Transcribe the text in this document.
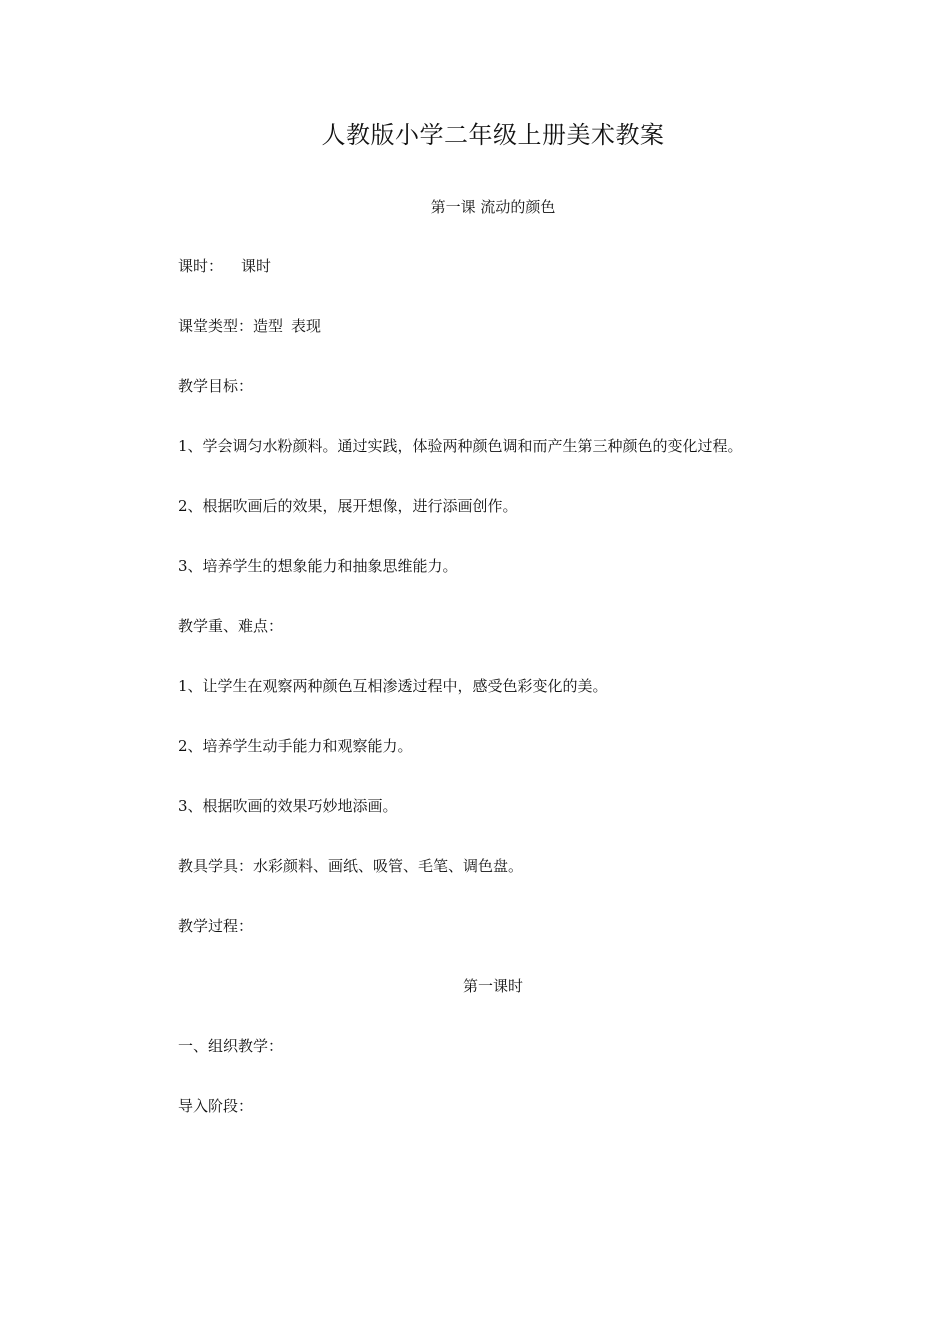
人教版小学二年级上册美术教案
第一课 流动的颜色
课时： 课时
课堂类型：造型 表现
教学目标：
1、学会调匀水粉颜料。通过实践，体验两种颜色调和而产生第三种颜色的变化过程。
2、根据吹画后的效果，展开想像，进行添画创作。
3、培养学生的想象能力和抽象思维能力。
教学重、难点：
1、让学生在观察两种颜色互相渗透过程中，感受色彩变化的美。
2、培养学生动手能力和观察能力。
3、根据吹画的效果巧妙地添画。
教具学具：水彩颜料、画纸、吸管、毛笔、调色盘。
教学过程：
第一课时
一、组织教学：
导入阶段：
